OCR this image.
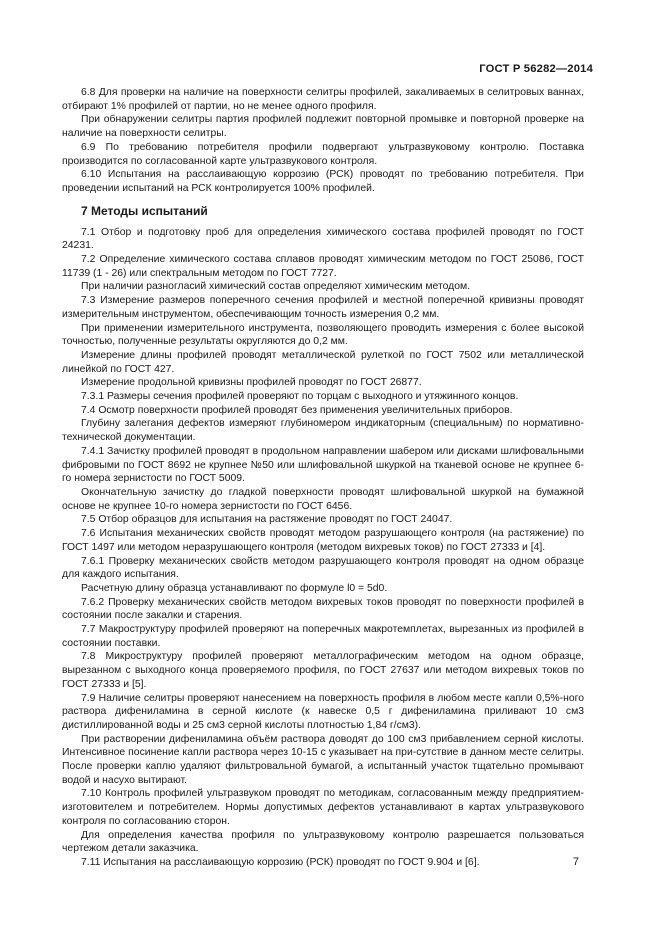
ГОСТ Р 56282—2014

6.8 Для проверки на наличие на поверхности селитры профилей, закаливаемых в селитровых ваннах, отбирают 1% профилей от партии, но не менее одного профиля.

При обнаружении селитры партия профилей подлежит повторной промывке и повторной проверке на наличие на поверхности селитры.

6.9 По требованию потребителя профили подвергают ультразвуковому контролю. Поставка производится по согласованной карте ультразвукового контроля.

6.10 Испытания на расслаивающую коррозию (РСК) проводят по требованию потребителя. При проведении испытаний на РСК контролируется 100% профилей.

7 Методы испытаний

7.1 Отбор и подготовку проб для определения химического состава профилей проводят по ГОСТ 24231.

7.2 Определение химического состава сплавов проводят химическим методом по ГОСТ 25086, ГОСТ 11739 (1 - 26) или спектральным методом по ГОСТ 7727.

При наличии разногласий химический состав определяют химическим методом.

7.3 Измерение размеров поперечного сечения профилей и местной поперечной кривизны проводят измерительным инструментом, обеспечивающим точность измерения 0,2 мм.

При применении измерительного инструмента, позволяющего проводить измерения с более высокой точностью, полученные результаты округляются до 0,2 мм.

Измерение длины профилей проводят металлической рулеткой по ГОСТ 7502 или металлической линейкой по ГОСТ 427.

Измерение продольной кривизны профилей проводят по ГОСТ 26877.

7.3.1 Размеры сечения профилей проверяют по торцам с выходного и утяжинного концов.

7.4 Осмотр поверхности профилей проводят без применения увеличительных приборов.

Глубину залегания дефектов измеряют глубиномером индикаторным (специальным) по нормативно-технической документации.

7.4.1 Зачистку профилей проводят в продольном направлении шабером или дисками шлифовальными фибровыми по ГОСТ 8692 не крупнее №50 или шлифовальной шкуркой на тканевой основе не крупнее 6-го номера зернистости по ГОСТ 5009.

Окончательную зачистку до гладкой поверхности проводят шлифовальной шкуркой на бумажной основе не крупнее 10-го номера зернистости по ГОСТ 6456.

7.5 Отбор образцов для испытания на растяжение проводят по ГОСТ 24047.

7.6 Испытания механических свойств проводят методом разрушающего контроля (на растяжение) по ГОСТ 1497 или методом неразрушающего контроля (методом вихревых токов) по ГОСТ 27333 и [4].

7.6.1 Проверку механических свойств методом разрушающего контроля проводят на одном образце для каждого испытания.

Расчетную длину образца устанавливают по формуле l0 = 5d0.

7.6.2 Проверку механических свойств методом вихревых токов проводят по поверхности профилей в состоянии после закалки и старения.

7.7 Макроструктуру профилей проверяют на поперечных макротемплетах, вырезанных из профилей в состоянии поставки.

7.8 Микроструктуру профилей проверяют металлографическим методом на одном образце, вырезанном с выходного конца проверяемого профиля, по ГОСТ 27637 или методом вихревых токов по ГОСТ 27333 и [5].

7.9 Наличие селитры проверяют нанесением на поверхность профиля в любом месте капли 0,5%-ного раствора дифениламина в серной кислоте (к навеске 0,5 г дифениламина приливают 10 см3 дистиллированной воды и 25 см3 серной кислоты плотностью 1,84 г/см3).

При растворении дифениламина объём раствора доводят до 100 см3 прибавлением серной кислоты. Интенсивное посинение капли раствора через 10-15 с указывает на при-сутствие в данном месте селитры. После проверки каплю удаляют фильтровальной бумагой, а испытанный участок тщательно промывают водой и насухо вытирают.

7.10 Контроль профилей ультразвуком проводят по методикам, согласованным между предприятием-изготовителем и потребителем. Нормы допустимых дефектов устанавливают в картах ультразвукового контроля по согласованию сторон.

Для определения качества профиля по ультразвуковому контролю разрешается пользоваться чертежом детали заказчика.

7.11 Испытания на расслаивающую коррозию (РСК) проводят по ГОСТ 9.904 и [6].	7
